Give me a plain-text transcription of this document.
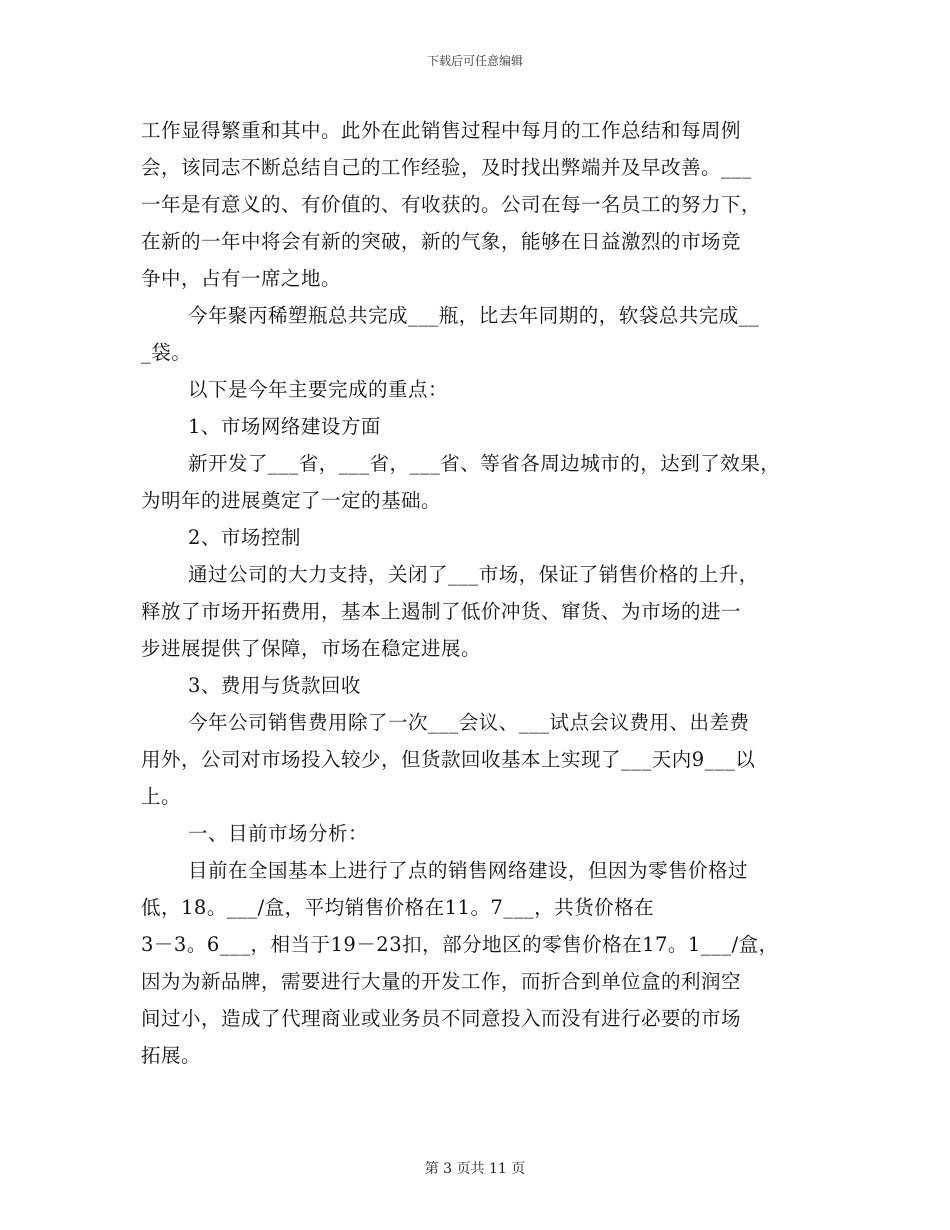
下载后可任意编辑
工作显得繁重和其中。此外在此销售过程中每月的工作总结和每周例
会，该同志不断总结自己的工作经验，及时找出弊端并及早改善。___
一年是有意义的、有价值的、有收获的。公司在每一名员工的努力下，
在新的一年中将会有新的突破，新的气象，能够在日益激烈的市场竞
争中，占有一席之地。
今年聚丙稀塑瓶总共完成___瓶，比去年同期的，软袋总共完成__
_袋。
以下是今年主要完成的重点：
1、市场网络建设方面
新开发了___省，___省，___省、等省各周边城市的，达到了效果，
为明年的进展奠定了一定的基础。
2、市场控制
通过公司的大力支持，关闭了___市场，保证了销售价格的上升，
释放了市场开拓费用，基本上遏制了低价冲货、窜货、为市场的进一
步进展提供了保障，市场在稳定进展。
3、费用与货款回收
今年公司销售费用除了一次___会议、___试点会议费用、出差费
用外，公司对市场投入较少，但货款回收基本上实现了___天内9___以
上。
一、目前市场分析：
目前在全国基本上进行了点的销售网络建设，但因为零售价格过
低，18。___/盒，平均销售价格在11。7___，共货价格在
3－3。6___，相当于19－23扣，部分地区的零售价格在17。1___/盒，
因为为新品牌，需要进行大量的开发工作，而折合到单位盒的利润空
间过小，造成了代理商业或业务员不同意投入而没有进行必要的市场
拓展。
第 3 页共 11 页
